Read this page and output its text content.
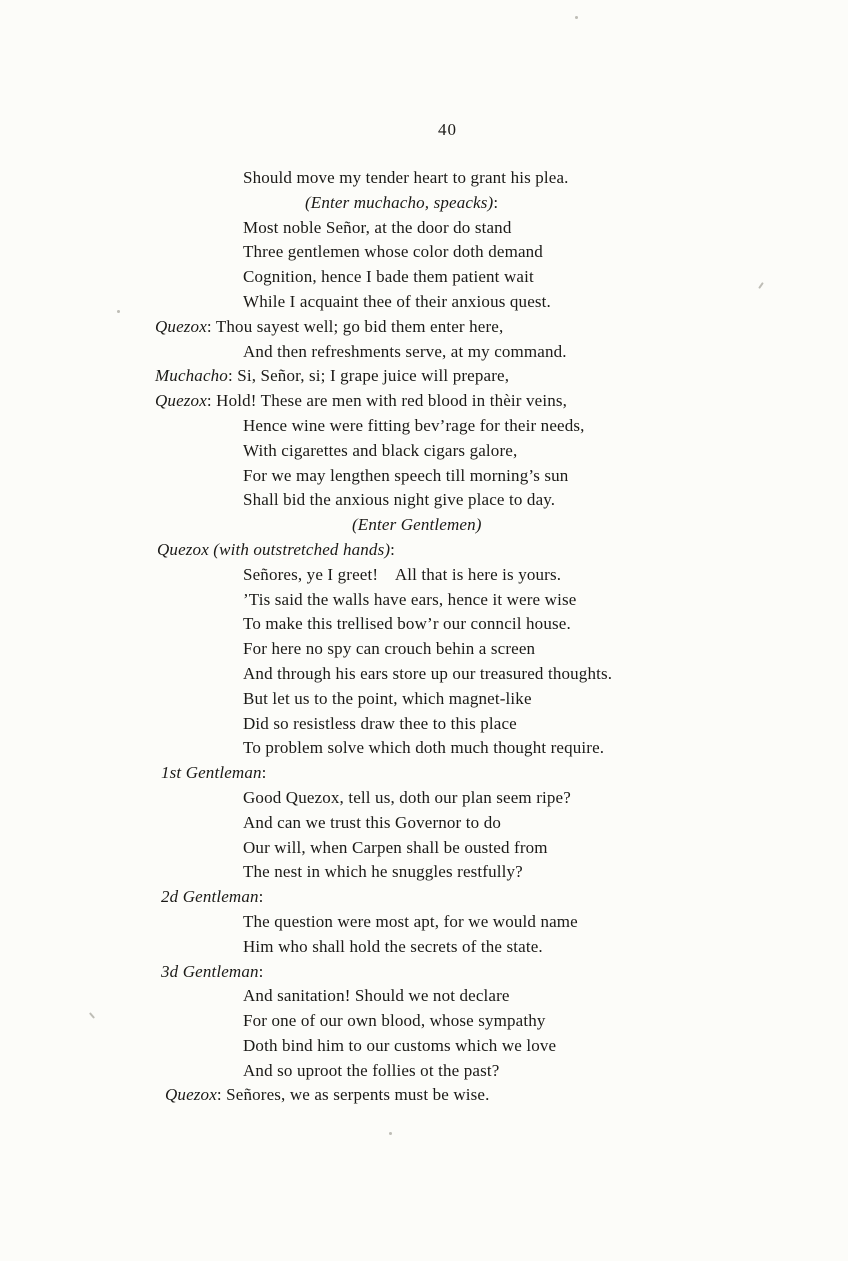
40
Should move my tender heart to grant his plea.
(Enter muchacho, speacks):
Most noble Señor, at the door do stand
Three gentlemen whose color doth demand
Cognition, hence I bade them patient wait
While I acquaint thee of their anxious quest.
Quezox: Thou sayest well; go bid them enter here,
And then refreshments serve, at my command.
Muchacho: Si, Señor, si; I grape juice will prepare,
Quezox: Hold! These are men with red blood in thèir veins,
Hence wine were fitting bev’rage for their needs,
With cigarettes and black cigars galore,
For we may lengthen speech till morning’s sun
Shall bid the anxious night give place to day.
(Enter Gentlemen)
Quezox (with outstretched hands):
Señores, ye I greet!    All that is here is yours.
’Tis said the walls have ears, hence it were wise
To make this trellised bow’r our conncil house.
For here no spy can crouch behin a screen
And through his ears store up our treasured thoughts.
But let us to the point, which magnet-like
Did so resistless draw thee to this place
To problem solve which doth much thought require.
1st Gentleman:
Good Quezox, tell us, doth our plan seem ripe?
And can we trust this Governor to do
Our will, when Carpen shall be ousted from
The nest in which he snuggles restfully?
2d Gentleman:
The question were most apt, for we would name
Him who shall hold the secrets of the state.
3d Gentleman:
And sanitation! Should we not declare
For one of our own blood, whose sympathy
Doth bind him to our customs which we love
And so uproot the follies ot the past?
Quezox: Señores, we as serpents must be wise.
